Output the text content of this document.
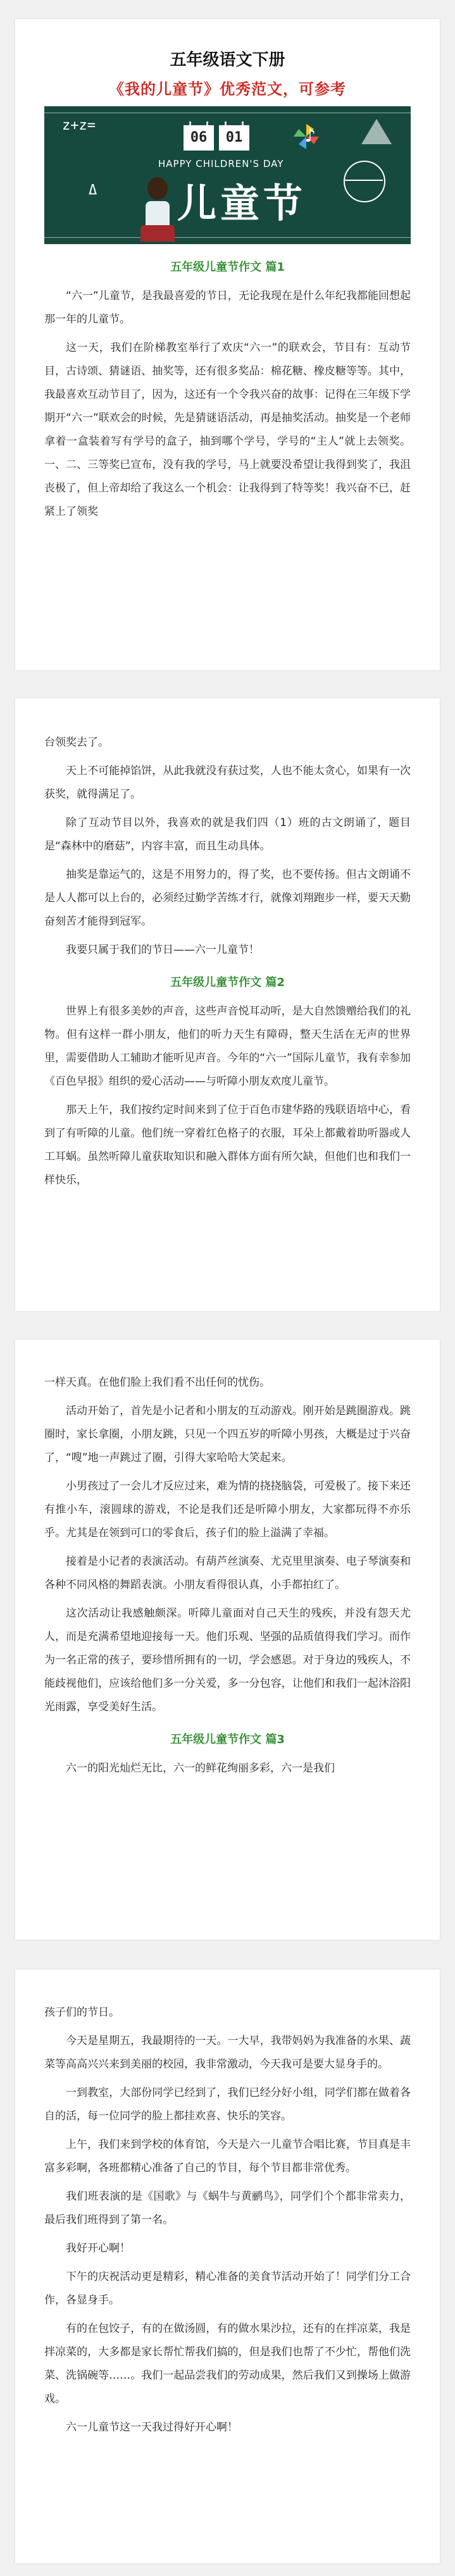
五年级语文下册
《我的儿童节》优秀范文，可参考
z+z=
Δ
06	01
HAPPY CHILDREN'S DAY
儿童节
♪
五年级儿童节作文 篇1

“六一”儿童节，是我最喜爱的节日，无论我现在是什么年纪我都能回想起那一年的儿童节。

这一天，我们在阶梯教室举行了欢庆“六一”的联欢会，节目有：互动节目，古诗颂、猜谜语、抽奖等，还有很多奖品：棉花糖、橡皮糖等等。其中，我最喜欢互动节目了，因为，这还有一个令我兴奋的故事：记得在三年级下学期开“六一”联欢会的时候，先是猜谜语活动，再是抽奖活动。抽奖是一个老师拿着一盒装着写有学号的盒子，抽到哪个学号，学号的“主人”就上去领奖。一、二、三等奖已宣布，没有我的学号，马上就要没希望让我得到奖了，我沮丧极了，但上帝却给了我这么一个机会：让我得到了特等奖！我兴奋不已，赶紧上了领奖

台领奖去了。

天上不可能掉馅饼，从此我就没有获过奖，人也不能太贪心，如果有一次获奖，就得满足了。

除了互动节目以外，我喜欢的就是我们四（1）班的古文朗诵了，题目是“森林中的磨菇”，内容丰富，而且生动具体。

抽奖是靠运气的，这是不用努力的，得了奖，也不要传扬。但古文朗诵不是人人都可以上台的，必须经过勤学苦练才行，就像刘翔跑步一样，要天天勤奋刻苦才能得到冠军。

我要只属于我们的节日——六一儿童节！

五年级儿童节作文 篇2

世界上有很多美妙的声音，这些声音悦耳动听，是大自然馈赠给我们的礼物。但有这样一群小朋友，他们的听力天生有障碍，整天生活在无声的世界里，需要借助人工辅助才能听见声音。今年的“六一”国际儿童节，我有幸参加《百色早报》组织的爱心活动——与听障小朋友欢度儿童节。

那天上午，我们按约定时间来到了位于百色市建华路的残联语培中心，看到了有听障的儿童。他们统一穿着红色格子的衣服，耳朵上都戴着助听器或人工耳蜗。虽然听障儿童获取知识和融入群体方面有所欠缺，但他们也和我们一样快乐，

一样天真。在他们脸上我们看不出任何的忧伤。

活动开始了，首先是小记者和小朋友的互动游戏。刚开始是跳圈游戏。跳圈时，家长拿圈，小朋友跳，只见一个四五岁的听障小男孩，大概是过于兴奋了，“嗖”地一声跳过了圈，引得大家哈哈大笑起来。

小男孩过了一会儿才反应过来，难为情的挠挠脑袋，可爱极了。接下来还有推小车，滚圆球的游戏，不论是我们还是听障小朋友，大家都玩得不亦乐乎。尤其是在领到可口的零食后，孩子们的脸上溢满了幸福。

接着是小记者的表演活动。有葫芦丝演奏、尤克里里演奏、电子琴演奏和各种不同风格的舞蹈表演。小朋友看得很认真，小手都拍红了。

这次活动让我感触颇深。听障儿童面对自己天生的残疾，并没有怨天尤人，而是充满希望地迎接每一天。他们乐观、坚强的品质值得我们学习。而作为一名正常的孩子，要珍惜所拥有的一切，学会感恩。对于身边的残疾人，不能歧视他们，应该给他们多一分关爱，多一分包容，让他们和我们一起沐浴阳光雨露，享受美好生活。

五年级儿童节作文 篇3

六一的阳光灿烂无比，六一的鲜花绚丽多彩，六一是我们

孩子们的节日。

今天是星期五，我最期待的一天。一大早，我带妈妈为我准备的水果、蔬菜等高高兴兴来到美丽的校园，我非常激动，今天我可是要大显身手的。

一到教室，大部份同学已经到了，我们已经分好小组，同学们都在做着各自的活，每一位同学的脸上都挂欢喜、快乐的笑容。

上午，我们来到学校的体育馆，今天是六一儿童节合唱比赛，节目真是丰富多彩啊，各班都精心准备了自己的节目，每个节目都非常优秀。

我们班表演的是《国歌》与《蜗牛与黄鹂鸟》，同学们个个都非常卖力，最后我们班得到了第一名。

我好开心啊！

下午的庆祝活动更是精彩，精心准备的美食节活动开始了！同学们分工合作，各显身手。

有的在包饺子，有的在做汤圆，有的做水果沙拉，还有的在拌凉菜，我是拌凉菜的，大多都是家长帮忙帮我们搞的，但是我们也帮了不少忙，帮他们洗菜、洗锅碗等……。我们一起品尝我们的劳动成果，然后我们又到操场上做游戏。

六一儿童节这一天我过得好开心啊！
